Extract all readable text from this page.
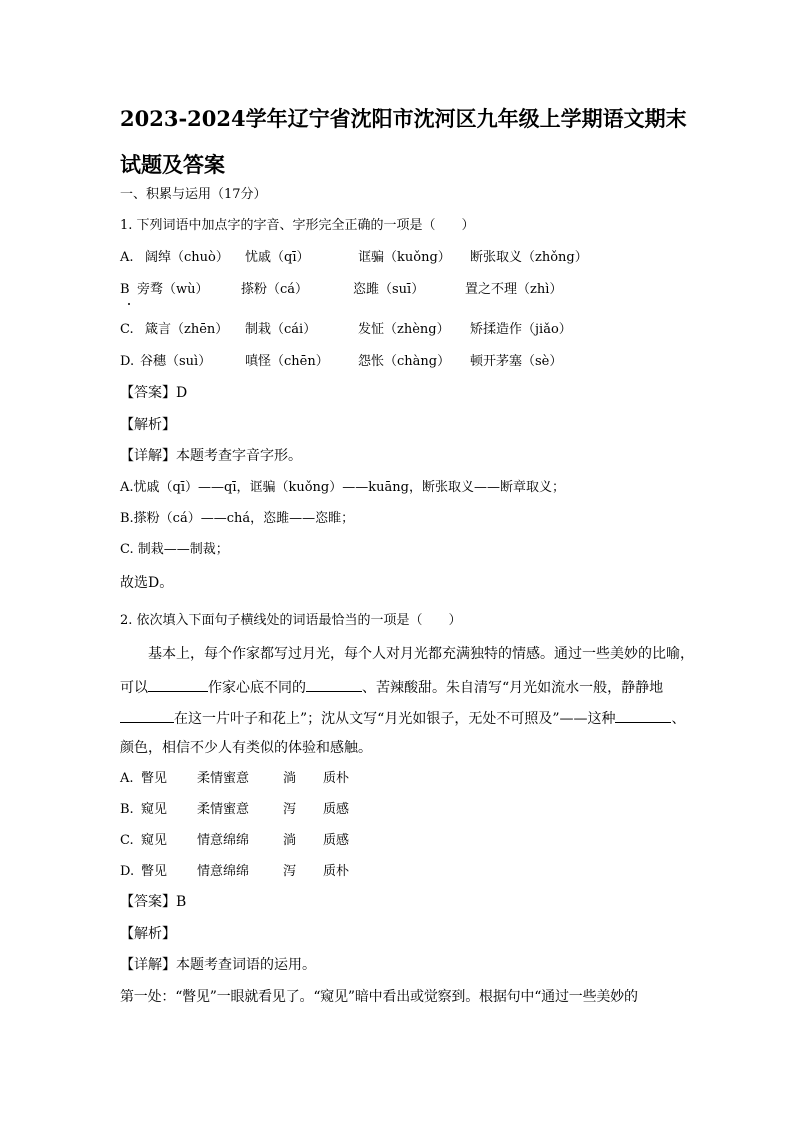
2023-2024学年辽宁省沈阳市沈河区九年级上学期语文期末
试题及答案
一、积累与运用（17分）
1. 下列词语中加点字的字音、字形完全正确的一项是（　　）
A. 阔绰（chuò） 忧戚（qī）	诓骗（kuǒng） 断张取义（zhǒng）
B 旁骛（wù） 搽粉（cá）	恣雎（suī）	置之不理（zhì）
C. 箴言（zhēn） 制栽（cái）	发怔（zhèng） 矫揉造作（jiǎo）
D. 谷穗（suì）	嗔怪（chēn） 怨怅（chàng） 顿开茅塞（sè）
【答案】D
【解析】
【详解】本题考查字音字形。
A.忧戚（qī）——qī，诓骗（kuǒng）——kuāng，断张取义——断章取义；
B.搽粉（cá）——chá，恣雎——恣睢；
C. 制栽——制裁；
故选D。
2. 依次填入下面句子横线处的词语最恰当的一项是（　　）
基本上，每个作家都写过月光，每个人对月光都充满独特的情感。通过一些美妙的比喻，
可以	作家心底不同的	、苦辣酸甜。朱自清写“月光如流水一般，静静地
在这一片叶子和花上”；沈从文写“月光如银子，无处不可照及”——这种	、
颜色，相信不少人有类似的体验和感触。
A. 瞥见 柔情蜜意	淌 质朴
B. 窥见 柔情蜜意	泻 质感
C. 窥见 情意绵绵	淌 质感
D. 瞥见 情意绵绵	泻 质朴
【答案】B
【解析】
【详解】本题考查词语的运用。
第一处：“瞥见”一眼就看见了。“窥见”暗中看出或觉察到。根据句中“通过一些美妙的
